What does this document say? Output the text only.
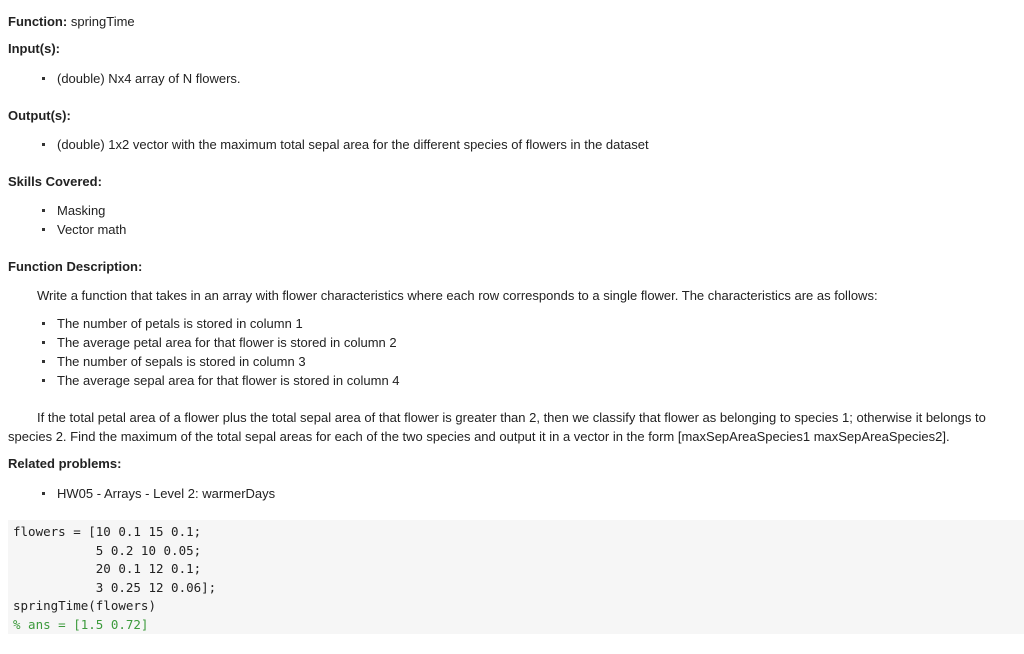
Function: springTime
Input(s):
(double) Nx4 array of N flowers.
Output(s):
(double) 1x2 vector with the maximum total sepal area for the different species of flowers in the dataset
Skills Covered:
Masking
Vector math
Function Description:
Write a function that takes in an array with flower characteristics where each row corresponds to a single flower. The characteristics are as follows:
The number of petals is stored in column 1
The average petal area for that flower is stored in column 2
The number of sepals is stored in column 3
The average sepal area for that flower is stored in column 4
If the total petal area of a flower plus the total sepal area of that flower is greater than 2, then we classify that flower as belonging to species 1; otherwise it belongs to
species 2. Find the maximum of the total sepal areas for each of the two species and output it in a vector in the form [maxSepAreaSpecies1 maxSepAreaSpecies2].
Related problems:
HW05 - Arrays - Level 2: warmerDays
flowers = [10 0.1 15 0.1;
5 0.2 10 0.05;
20 0.1 12 0.1;
3 0.25 12 0.06];
springTime(flowers)
% ans = [1.5 0.72]
